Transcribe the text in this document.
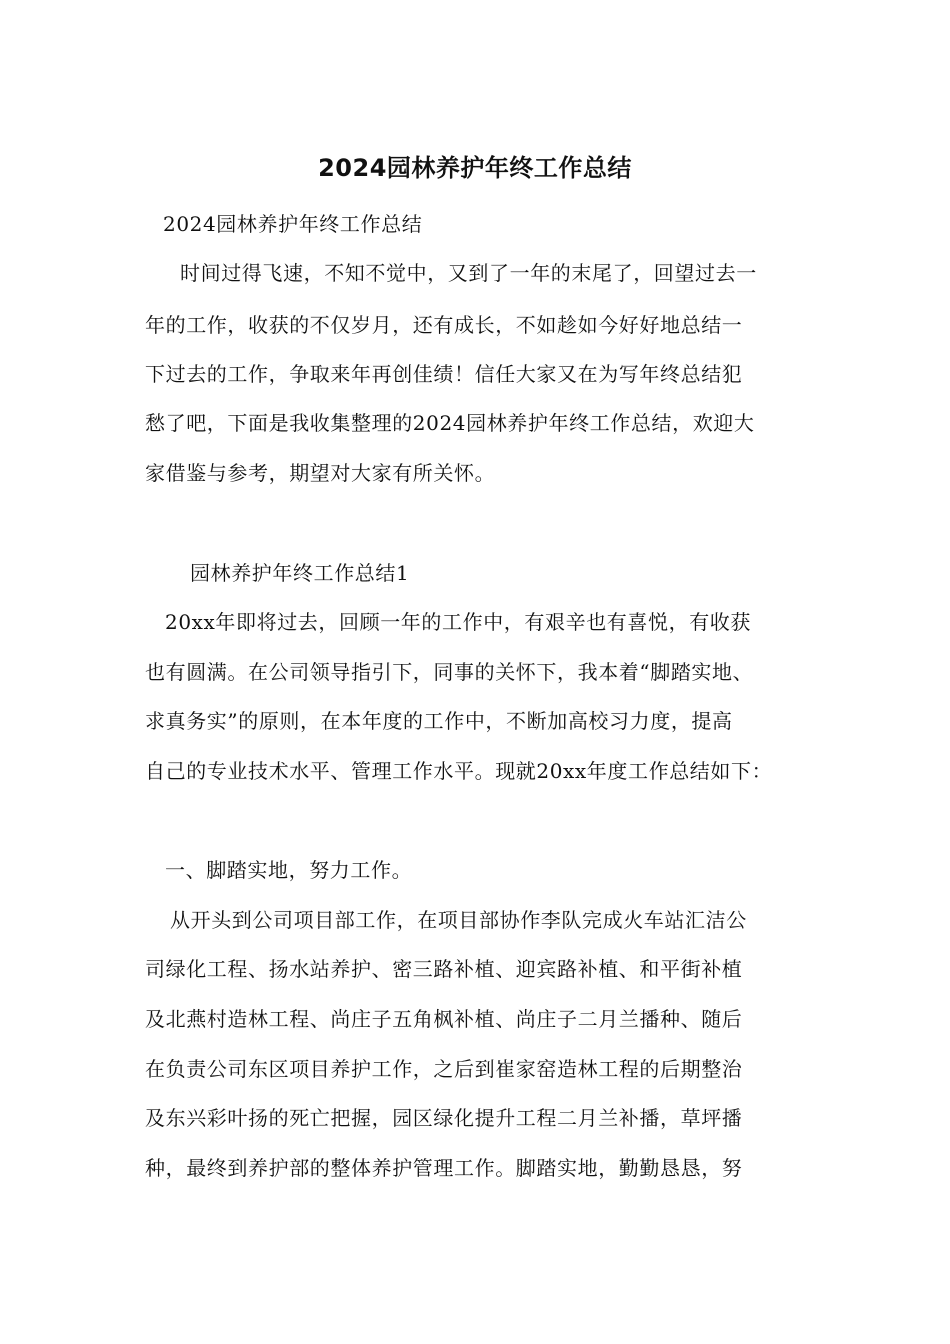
2024园林养护年终工作总结
2024园林养护年终工作总结
时间过得飞速，不知不觉中，又到了一年的末尾了，回望过去一
年的工作，收获的不仅岁月，还有成长，不如趁如今好好地总结一
下过去的工作，争取来年再创佳绩！信任大家又在为写年终总结犯
愁了吧，下面是我收集整理的2024园林养护年终工作总结，欢迎大
家借鉴与参考，期望对大家有所关怀。
园林养护年终工作总结1
20xx年即将过去，回顾一年的工作中，有艰辛也有喜悦，有收获
也有圆满。在公司领导指引下，同事的关怀下，我本着“脚踏实地、
求真务实”的原则，在本年度的工作中，不断加高校习力度，提高
自己的专业技术水平、管理工作水平。现就20xx年度工作总结如下：
一、脚踏实地，努力工作。
从开头到公司项目部工作，在项目部协作李队完成火车站汇洁公
司绿化工程、扬水站养护、密三路补植、迎宾路补植、和平街补植
及北燕村造林工程、尚庄子五角枫补植、尚庄子二月兰播种、随后
在负责公司东区项目养护工作，之后到崔家窑造林工程的后期整治
及东兴彩叶扬的死亡把握，园区绿化提升工程二月兰补播，草坪播
种，最终到养护部的整体养护管理工作。脚踏实地，勤勤恳恳，努
